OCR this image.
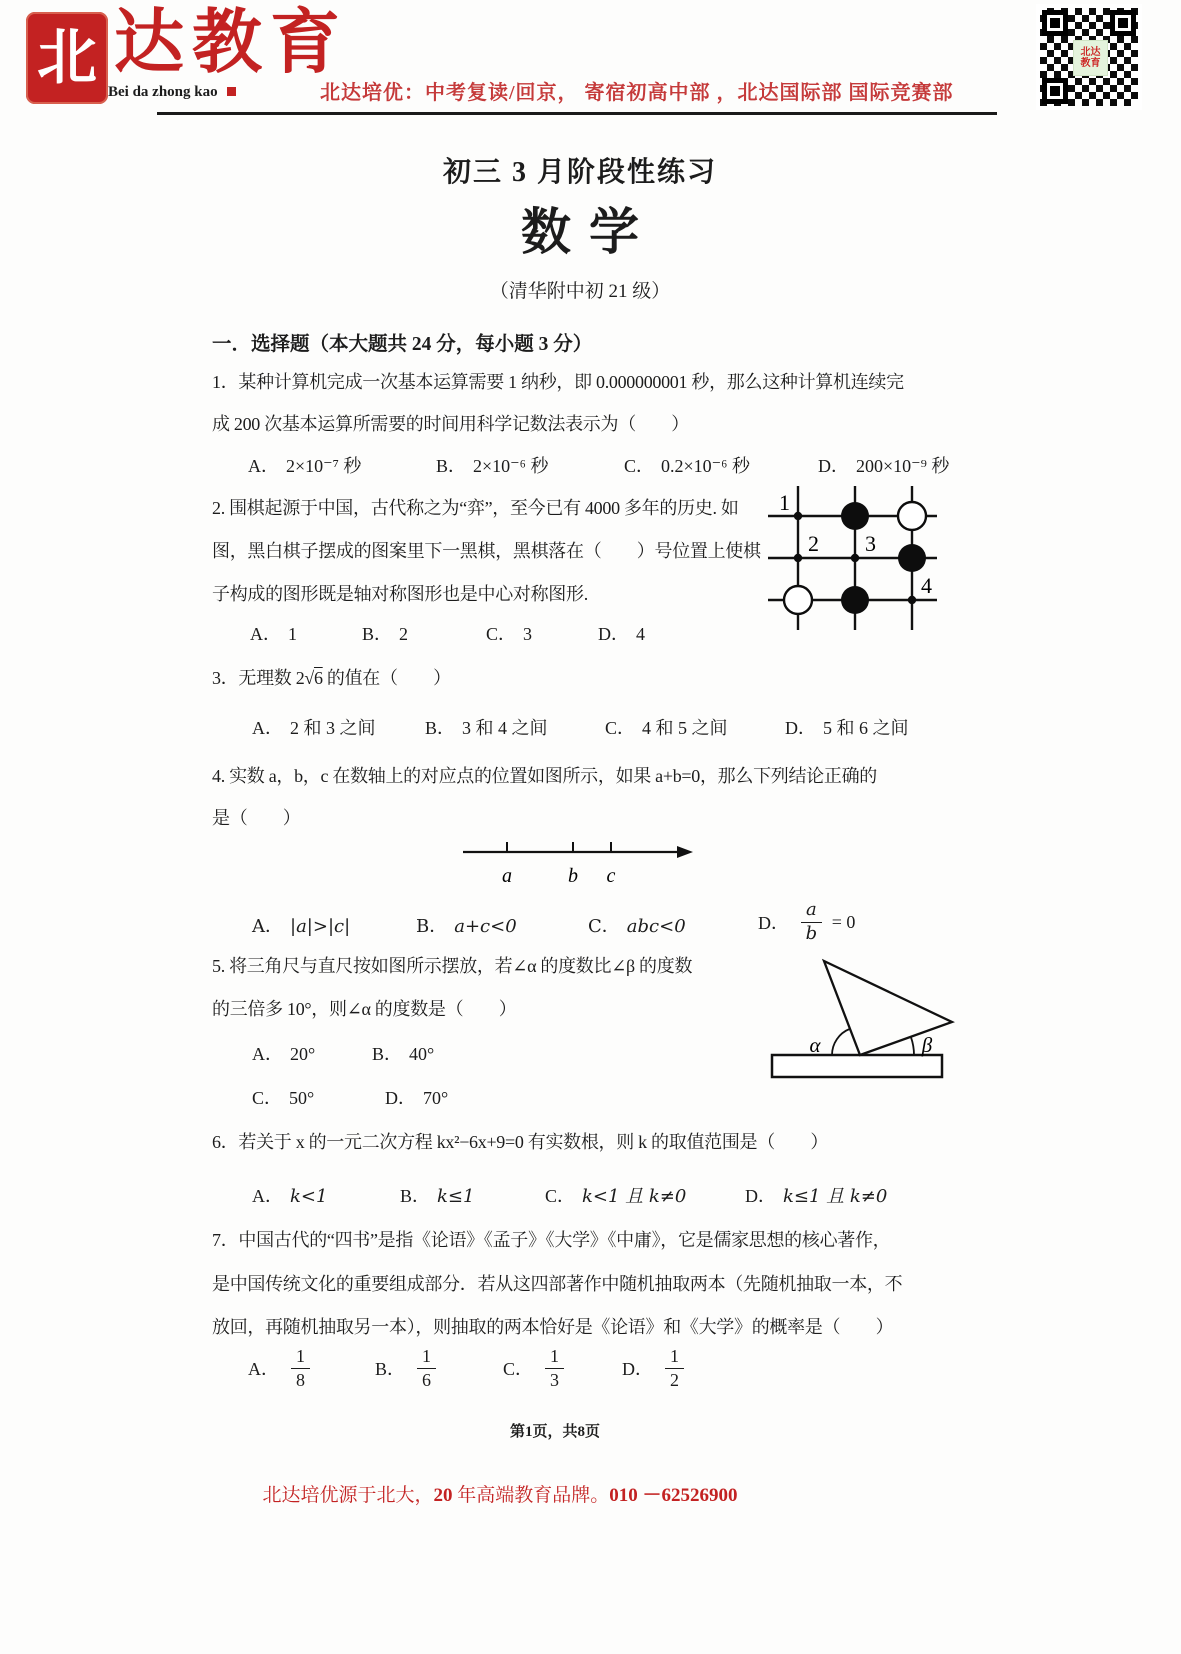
北 达教育
Bei da zhong kao	北达培优：中考复读/回京， 寄宿初高中部 ，北达国际部 国际竞赛部
北达
教育
初三 3 月阶段性练习
数学
（清华附中初 21 级）
一．选择题（本大题共 24 分，每小题 3 分）
1．某种计算机完成一次基本运算需要 1 纳秒，即 0.000000001 秒，那么这种计算机连续完
成 200 次基本运算所需要的时间用科学记数法表示为（　　）
A． 2×10⁻⁷ 秒	B． 2×10⁻⁶ 秒	C． 0.2×10⁻⁶ 秒	D． 200×10⁻⁹ 秒
2. 围棋起源于中国，古代称之为“弈”，至今已有 4000 多年的历史. 如
图，黑白棋子摆成的图案里下一黑棋，黑棋落在（　　）号位置上使棋
子构成的图形既是轴对称图形也是中心对称图形.
A． 1	B． 2	C． 3	D． 4
1
2 3
4
3．无理数 2√6 的值在（　　）
A． 2 和 3 之间	B． 3 和 4 之间	C． 4 和 5 之间	D． 5 和 6 之间
4. 实数 a，b，c 在数轴上的对应点的位置如图所示，如果 a+b=0，那么下列结论正确的
是（　　）
a	b c
A． |a|>|c|	B． a+c<0	C． abc<0	D． $\frac{a}{b} = 0$
5. 将三角尺与直尺按如图所示摆放，若∠α 的度数比∠β 的度数
的三倍多 10°，则∠α 的度数是（　　）
A． 20°	B． 40°
C． 50°	D． 70°
α	β
6．若关于 x 的一元二次方程 kx²−6x+9=0 有实数根，则 k 的取值范围是（　　）
A． k<1	B． k≤1	C． k<1 且 k≠0	D． k≤1 且 k≠0
7．中国古代的“四书”是指《论语》《孟子》《大学》《中庸》，它是儒家思想的核心著作，
是中国传统文化的重要组成部分．若从这四部著作中随机抽取两本（先随机抽取一本，不
放回，再随机抽取另一本），则抽取的两本恰好是《论语》和《大学》的概率是（　　）
A． $\frac{1}{8}$	B． $\frac{1}{6}$	C． $\frac{1}{3}$	D． $\frac{1}{2}$
第1页，共8页
北达培优源于北大，20 年高端教育品牌。010 －62526900
